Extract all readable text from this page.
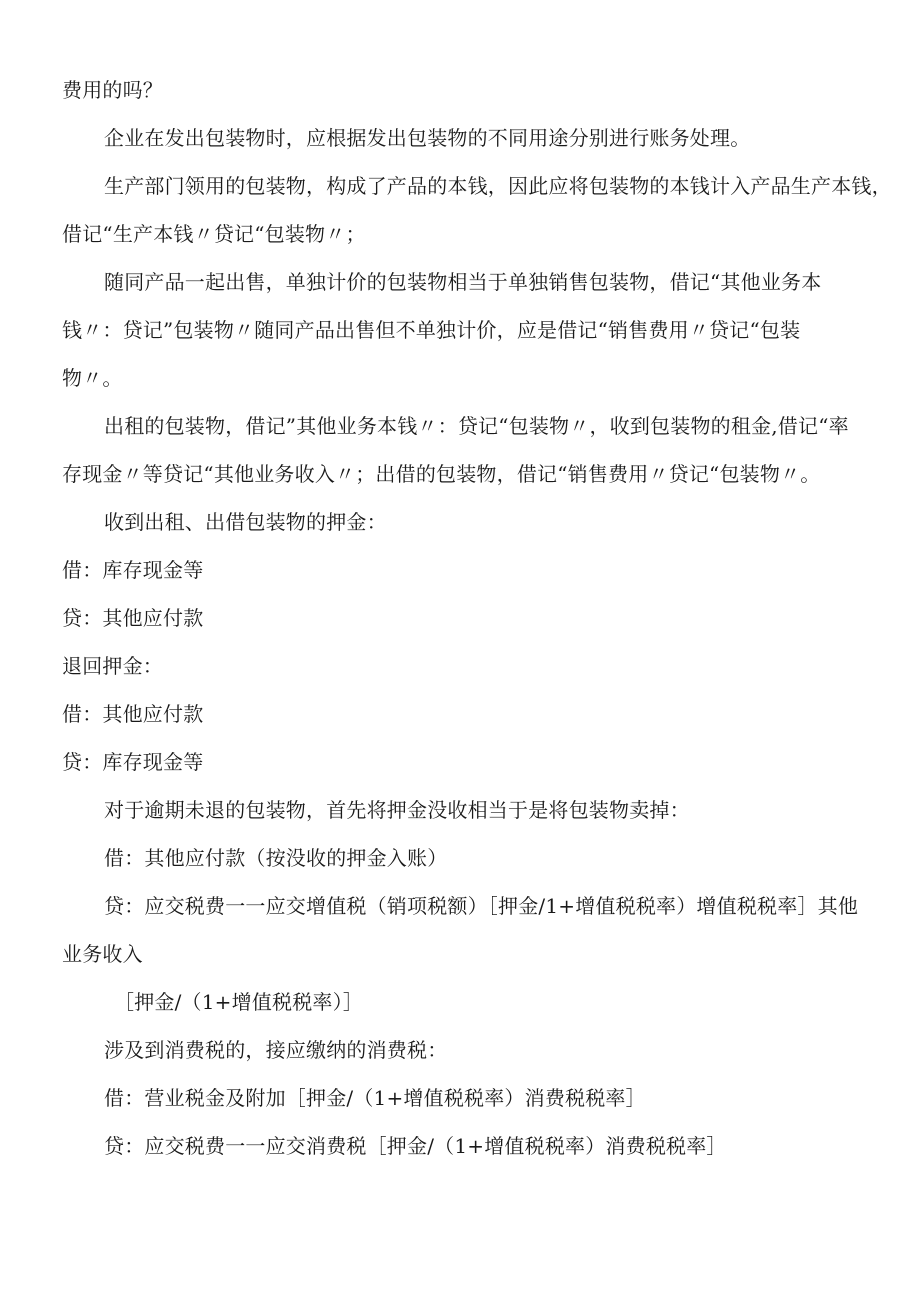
费用的吗？
企业在发出包装物时，应根据发出包装物的不同用途分别进行账务处理。
生产部门领用的包装物，构成了产品的本钱，因此应将包装物的本钱计入产品生产本钱，
借记“生产本钱〃贷记“包装物〃；
随同产品一起出售，单独计价的包装物相当于单独销售包装物，借记“其他业务本
钱〃：贷记”包装物〃随同产品出售但不单独计价，应是借记“销售费用〃贷记“包装
物〃。
出租的包装物，借记”其他业务本钱〃：贷记“包装物〃，收到包装物的租金,借记“率
存现金〃等贷记“其他业务收入〃；出借的包装物，借记“销售费用〃贷记“包装物〃。
收到出租、出借包装物的押金：
借：库存现金等
贷：其他应付款
退回押金：
借：其他应付款
贷：库存现金等
对于逾期未退的包装物，首先将押金没收相当于是将包装物卖掉：
借：其他应付款（按没收的押金入账）
贷：应交税费一一应交增值税（销项税额）［押金/1+增值税税率）增值税税率］其他
业务收入
［押金/（1+增值税税率）］
涉及到消费税的，接应缴纳的消费税：
借：营业税金及附加［押金/（1+增值税税率）消费税税率］
贷：应交税费一一应交消费税［押金/（1+增值税税率）消费税税率］
